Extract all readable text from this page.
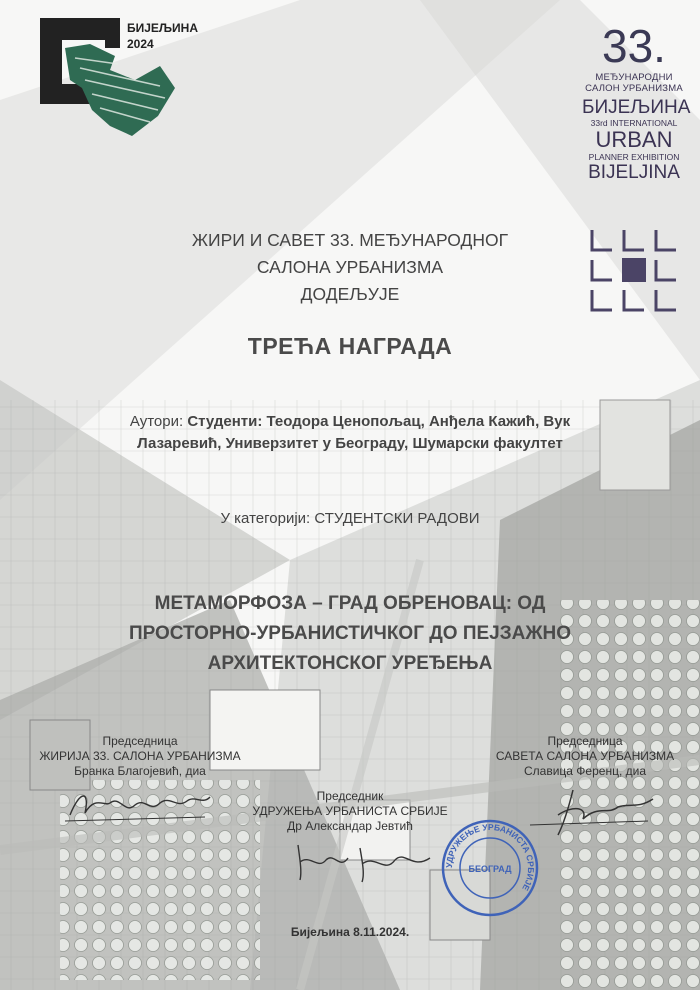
БИЈЕЉИНА
2024	33.
МЕЂУНАРОДНИ
САЛОН УРБАНИЗМА
БИЈЕЉИНА
33rd INTERNATIONAL
URBAN
PLANNER EXHIBITION
BIJELJINA
ЖИРИ И САВЕТ 33. МЕЂУНАРОДНОГ
САЛОНА УРБАНИЗМА
ДОДЕЉУЈЕ
ТРЕЋА НАГРАДА
Аутори: Студенти: Теодора Ценопољац, Анђела Кажић, Вук
Лазаревић, Универзитет у Београду, Шумарски факултет
У категорији: СТУДЕНТСКИ РАДОВИ
МЕТАМОРФОЗА – ГРАД ОБРЕНОВАЦ: ОД
ПРОСТОРНО-УРБАНИСТИЧКОГ ДО ПЕЈЗАЖНО
АРХИТЕКТОНСКОГ УРЕЂЕЊА
Председница
ЖИРИЈА 33. САЛОНА УРБАНИЗМА
Бранка Благојевић, диа
Председница
САВЕТА САЛОНА УРБАНИЗМА
Славица Ференц, диа
Председник
УДРУЖЕЊА УРБАНИСТА СРБИЈЕ
Др Александар Јевтић
УДРУЖЕЊЕ УРБАНИСТА СРБИЈЕ
БЕОГРАД
Бијељина 8.11.2024.
